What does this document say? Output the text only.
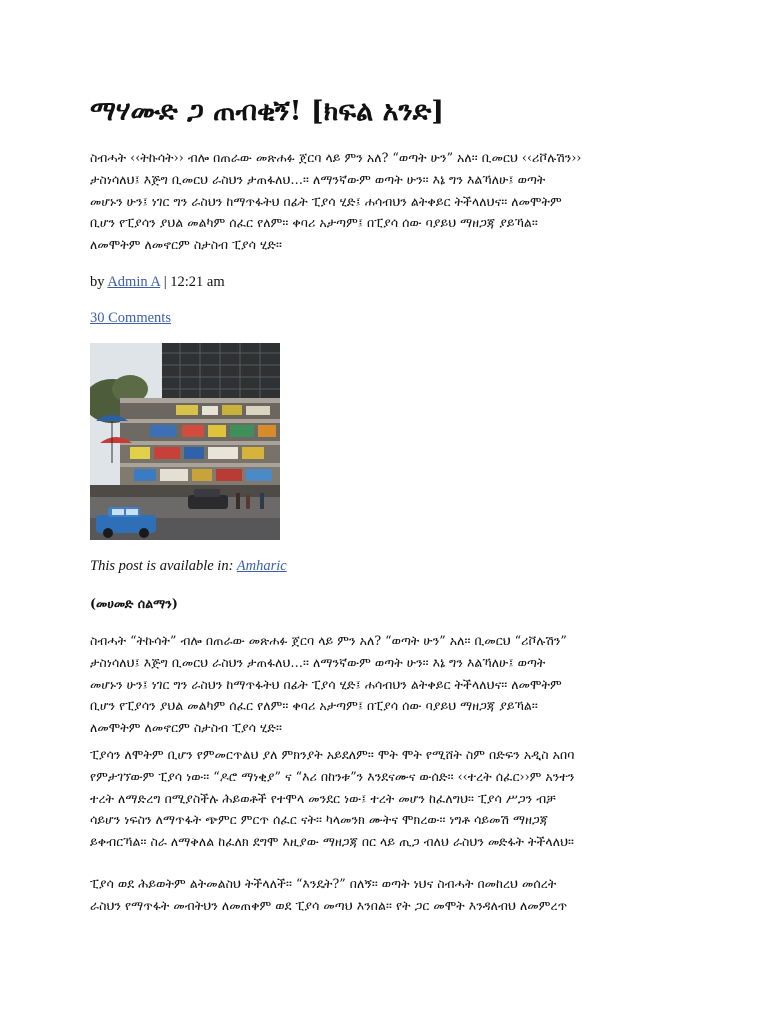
ማሃሙድ ጋ ጠብቂኝ! [ክፍል አንድ]

ስብሓት ‹‹ትኩሳት›› ብሎ በጠራው መጽሐፉ ጀርባ ላይ ምን አለ? “ወጣት ሁን” አለ፡፡ ቢመርህ ‹‹ሪቮሉሽን››
ታስነሳለህ፤ እጅግ ቢመርህ ራስህን ታጠፋለህ…፡፡ ለማንኛውም ወጣት ሁን፡፡ እኔ ግን እልኻለሁ፤ ወጣት
መሆኑን ሁን፤ ነገር ግን ራስህን ከማጥፋትህ በፊት ፒያሳ ሂድ፤ ሐሳብህን ልትቀይር ትችላለህና፡፡ ለመሞትም
ቢሆን የፒያሳን ያህል መልካም ሰፈር የለም፡፡ ቀባሪ አታጣም፤ በፒያሳ ሰው ባያይህ ማዘጋጃ ያይኻል፡፡
ለመሞትም ለመኖርም ስታስብ ፒያሳ ሂድ፡፡

by Admin A | 12:21 am
30 Comments
This post is available in: Amharic
(መሀመድ ሰልማን)

ስብሓት “ትኩሳት” ብሎ በጠራው መጽሐፉ ጀርባ ላይ ምን አለ? “ወጣት ሁን” አለ፡፡ ቢመርህ “ሪቮሉሽን”
ታስነሳለህ፤ እጅግ ቢመርህ ራስህን ታጠፋለህ…፡፡ ለማንኛውም ወጣት ሁን፡፡ እኔ ግን እልኻለሁ፤ ወጣት
መሆኑን ሁን፤ ነገር ግን ራስህን ከማጥፋትህ በፊት ፒያሳ ሂድ፤ ሐሳብህን ልትቀይር ትችላለህና፡፡ ለመሞትም
ቢሆን የፒያሳን ያህል መልካም ሰፈር የለም፡፡ ቀባሪ አታጣም፤ በፒያሳ ሰው ባያይህ ማዘጋጃ ያይኻል፡፡
ለመሞትም ለመኖርም ስታስብ ፒያሳ ሂድ፡፡

ፒያሳን ለሞትም ቢሆን የምመርጥልህ ያለ ምክንያት አይደለም፡፡ ሞት ሞት የሚሸት ስም በድፍን አዲስ አበባ
የምታገኘውም ፒያሳ ነው፡፡ “ዶሮ ማነቂያ” ና “እሪ በከንቱ”ን እንደናሙና ውሰድ፡፡ ‹‹ተረት ሰፈር››ም አንተን
ተረት ለማድረግ በሚያስችሉ ሕይወቶች የተሞላ መንደር ነው፤ ተረት መሆን ከፈለግህ፡፡ ፒያሳ ሥጋን ብቻ
ሳይሆን ነፍስን ለማጥፋት ጭምር ምርጥ ሰፈር ናት፡፡ ካላመንክ ሙትና ሞክረው፡፡ ነግቶ ሳይመሽ ማዘጋጃ
ይቀብርኻል፡፡ ስራ ለማቅለል ከፈለክ ደግሞ እዚያው ማዘጋጃ በር ላይ ጢጋ ብለህ ራስህን መድፋት ትችላለህ፡፡

ፒያሳ ወደ ሕይወትም ልትመልስህ ትችላለች፡፡ “እንዴት?” በለኝ፡፡ ወጣት ነህና ስብሓት በመከረህ መሰረት
ራስህን የማጥፋት መብትህን ለመጠቀም ወደ ፒያሳ መጣህ እንበል፡፡ የት ጋር መሞት እንዳለብህ ለመምረጥ
